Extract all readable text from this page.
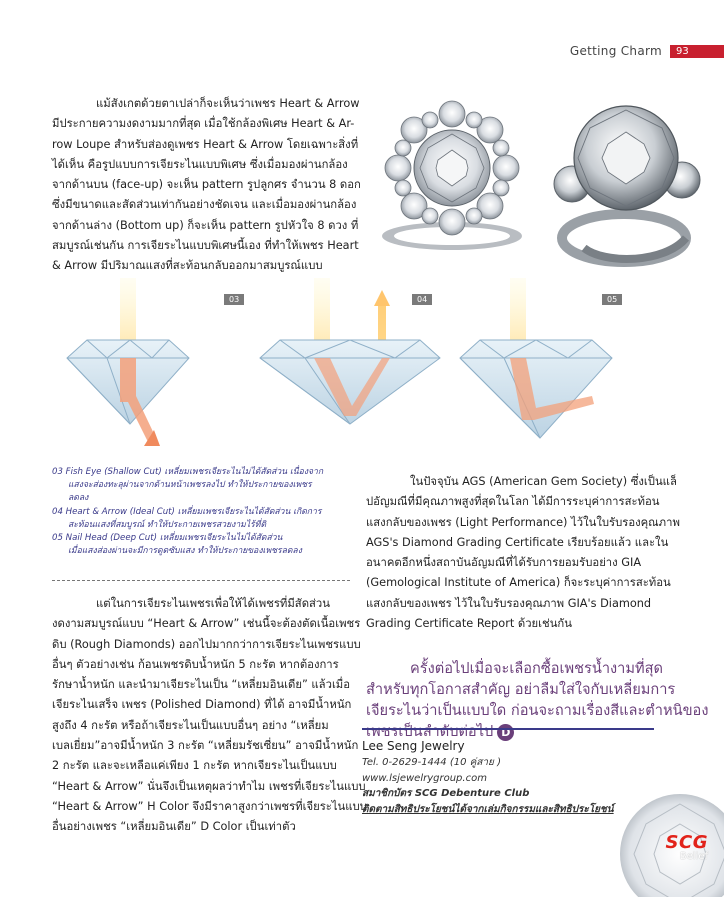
Getting Charm	93
แม้สังเกตด้วยตาเปล่าก็จะเห็นว่าเพชร Heart & Arrow
มีประกายความงดงามมากที่สุด เมื่อใช้กล้องพิเศษ Heart & Ar-
row Loupe สำหรับส่องดูเพชร Heart & Arrow โดยเฉพาะสิ่งที่
ได้เห็น คือรูปแบบการเจียระไนแบบพิเศษ ซึ่งเมื่อมองผ่านกล้อง
จากด้านบน (face-up) จะเห็น pattern รูปลูกศร จำนวน 8 ดอก
ซึ่งมีขนาดและสัดส่วนเท่ากันอย่างชัดเจน และเมื่อมองผ่านกล้อง
จากด้านล่าง (Bottom up) ก็จะเห็น pattern รูปหัวใจ 8 ดวง ที่
สมบูรณ์เช่นกัน การเจียระไนแบบพิเศษนี้เอง ที่ทำให้เพชร Heart
& Arrow มีปริมาณแสงที่สะท้อนกลับออกมาสมบูรณ์แบบ
03	04	05
03 Fish Eye (Shallow Cut) เหลี่ยมเพชรเจียระไนไม่ได้สัดส่วน เนื่องจาก
แสงจะส่องทะลุผ่านจากด้านหน้าเพชรลงไป ทำให้ประกายของเพชร
ลดลง
04 Heart & Arrow (Ideal Cut) เหลี่ยมเพชรเจียระไนได้สัดส่วน เกิดการ
สะท้อนแสงที่สมบูรณ์ ทำให้ประกายเพชรสวยงามไร้ที่ติ
05 Nail Head (Deep Cut) เหลี่ยมเพชรเจียระไนไม่ได้สัดส่วน
เมื่อแสงส่องผ่านจะมีการดูดซับแสง ทำให้ประกายของเพชรลดลง
แต่ในการเจียระไนเพชรเพื่อให้ได้เพชรที่มีสัดส่วน
งดงามสมบูรณ์แบบ “Heart & Arrow” เช่นนี้จะต้องตัดเนื้อเพชร
ดิบ (Rough Diamonds) ออกไปมากกว่าการเจียระไนเพชรแบบ
อื่นๆ ตัวอย่างเช่น ก้อนเพชรดิบน้ำหนัก 5 กะรัต หากต้องการ
รักษาน้ำหนัก และนำมาเจียระไนเป็น “เหลี่ยมอินเดีย” แล้วเมื่อ
เจียระไนเสร็จ เพชร (Polished Diamond) ที่ได้ อาจมีน้ำหนัก
สูงถึง 4 กะรัต หรือถ้าเจียระไนเป็นแบบอื่นๆ อย่าง “เหลี่ยม
เบลเยี่ยม”อาจมีน้ำหนัก 3 กะรัต “เหลี่ยมรัชเซี่ยน” อาจมีน้ำหนัก
2 กะรัต และจะเหลือแค่เพียง 1 กะรัต หากเจียระไนเป็นแบบ
“Heart & Arrow” นั่นจึงเป็นเหตุผลว่าทำไม เพชรที่เจียระไนแบบ
“Heart & Arrow” H Color จึงมีราคาสูงกว่าเพชรที่เจียระไนแบบ
อื่นอย่างเพชร “เหลี่ยมอินเดีย” D Color เป็นเท่าตัว
ในปัจจุบัน AGS (American Gem Society) ซึ่งเป็นแล็
ปอัญมณีที่มีคุณภาพสูงที่สุดในโลก ได้มีการระบุค่าการสะท้อน
แสงกลับของเพชร (Light Performance) ไว้ในใบรับรองคุณภาพ
AGS's Diamond Grading Certificate เรียบร้อยแล้ว และใน
อนาคตอีกหนึ่งสถาบันอัญมณีที่ได้รับการยอมรับอย่าง GIA
(Gemological Institute of America) ก็จะระบุค่าการสะท้อน
แสงกลับของเพชร ไว้ในใบรับรองคุณภาพ GIA's Diamond
Grading Certificate Report ด้วยเช่นกัน
ครั้งต่อไปเมื่อจะเลือกซื้อเพชรน้ำงามที่สุด
สำหรับทุกโอกาสสำคัญ อย่าลืมใส่ใจกับเหลี่ยมการ
เจียระไนว่าเป็นแบบใด ก่อนจะถามเรื่องสีและตำหนิของ
เพชรเป็นลำดับต่อไป D
Lee Seng Jewelry
Tel. 0-2629-1444 (10 คู่สาย )
www.lsjewelrygroup.com
สมาชิกบัตร SCG Debenture Club
ติดตามสิทธิประโยชน์ได้จากเล่มกิจกรรมและสิทธิประโยชน์
SCG
Belief
